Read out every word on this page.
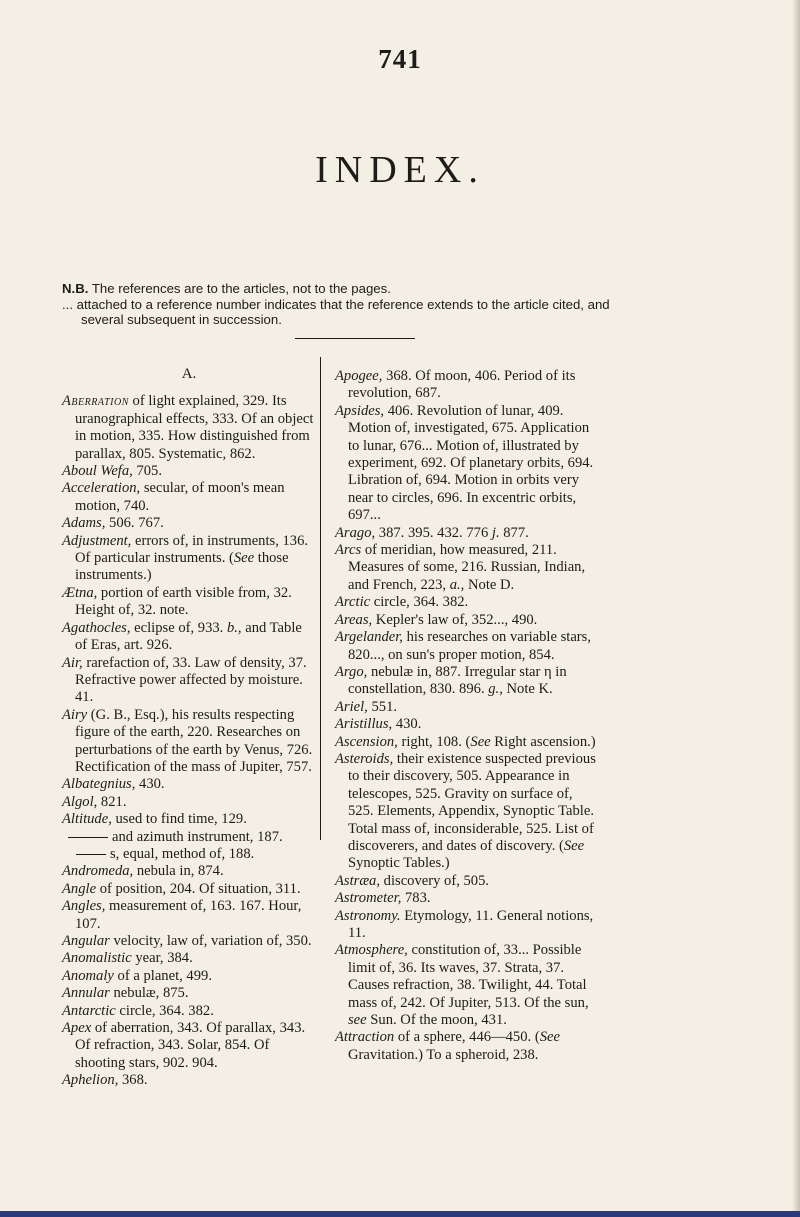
741
INDEX.
N.B. The references are to the articles, not to the pages.
... attached to a reference number indicates that the reference extends to the article cited, and
several subsequent in succession.
A.
Aberration of light explained, 329. Its uranographical effects, 333. Of an object in motion, 335. How distinguished from parallax, 805. Systematic, 862.
Aboul Wefa, 705.
Acceleration, secular, of moon's mean motion, 740.
Adams, 506. 767.
Adjustment, errors of, in instruments, 136. Of particular instruments. (See those instruments.)
Ætna, portion of earth visible from, 32. Height of, 32. note.
Agathocles, eclipse of, 933. b., and Table of Eras, art. 926.
Air, rarefaction of, 33. Law of density, 37. Refractive power affected by moisture. 41.
Airy (G. B., Esq.), his results respecting figure of the earth, 220. Researches on perturbations of the earth by Venus, 726. Rectification of the mass of Jupiter, 757.
Albategnius, 430.
Algol, 821.
Altitude, used to find time, 129.
and azimuth instrument, 187.
s, equal, method of, 188.
Andromeda, nebula in, 874.
Angle of position, 204. Of situation, 311.
Angles, measurement of, 163. 167. Hour, 107.
Angular velocity, law of, variation of, 350.
Anomalistic year, 384.
Anomaly of a planet, 499.
Annular nebulæ, 875.
Antarctic circle, 364. 382.
Apex of aberration, 343. Of parallax, 343. Of refraction, 343. Solar, 854. Of shooting stars, 902. 904.
Aphelion, 368.
Apogee, 368. Of moon, 406. Period of its revolution, 687.
Apsides, 406. Revolution of lunar, 409. Motion of, investigated, 675. Application to lunar, 676... Motion of, illustrated by experiment, 692. Of planetary orbits, 694. Libration of, 694. Motion in orbits very near to circles, 696. In excentric orbits, 697...
Arago, 387. 395. 432. 776 j. 877.
Arcs of meridian, how measured, 211. Measures of some, 216. Russian, Indian, and French, 223, a., Note D.
Arctic circle, 364. 382.
Areas, Kepler's law of, 352..., 490.
Argelander, his researches on variable stars, 820..., on sun's proper motion, 854.
Argo, nebulæ in, 887. Irregular star η in constellation, 830. 896. g., Note K.
Ariel, 551.
Aristillus, 430.
Ascension, right, 108. (See Right ascension.)
Asteroids, their existence suspected previous to their discovery, 505. Appearance in telescopes, 525. Gravity on surface of, 525. Elements, Appendix, Synoptic Table. Total mass of, inconsiderable, 525. List of discoverers, and dates of discovery. (See Synoptic Tables.)
Astræa, discovery of, 505.
Astrometer, 783.
Astronomy. Etymology, 11. General notions, 11.
Atmosphere, constitution of, 33... Possible limit of, 36. Its waves, 37. Strata, 37. Causes refraction, 38. Twilight, 44. Total mass of, 242. Of Jupiter, 513. Of the sun, see Sun. Of the moon, 431.
Attraction of a sphere, 446—450. (See Gravitation.) To a spheroid, 238.
